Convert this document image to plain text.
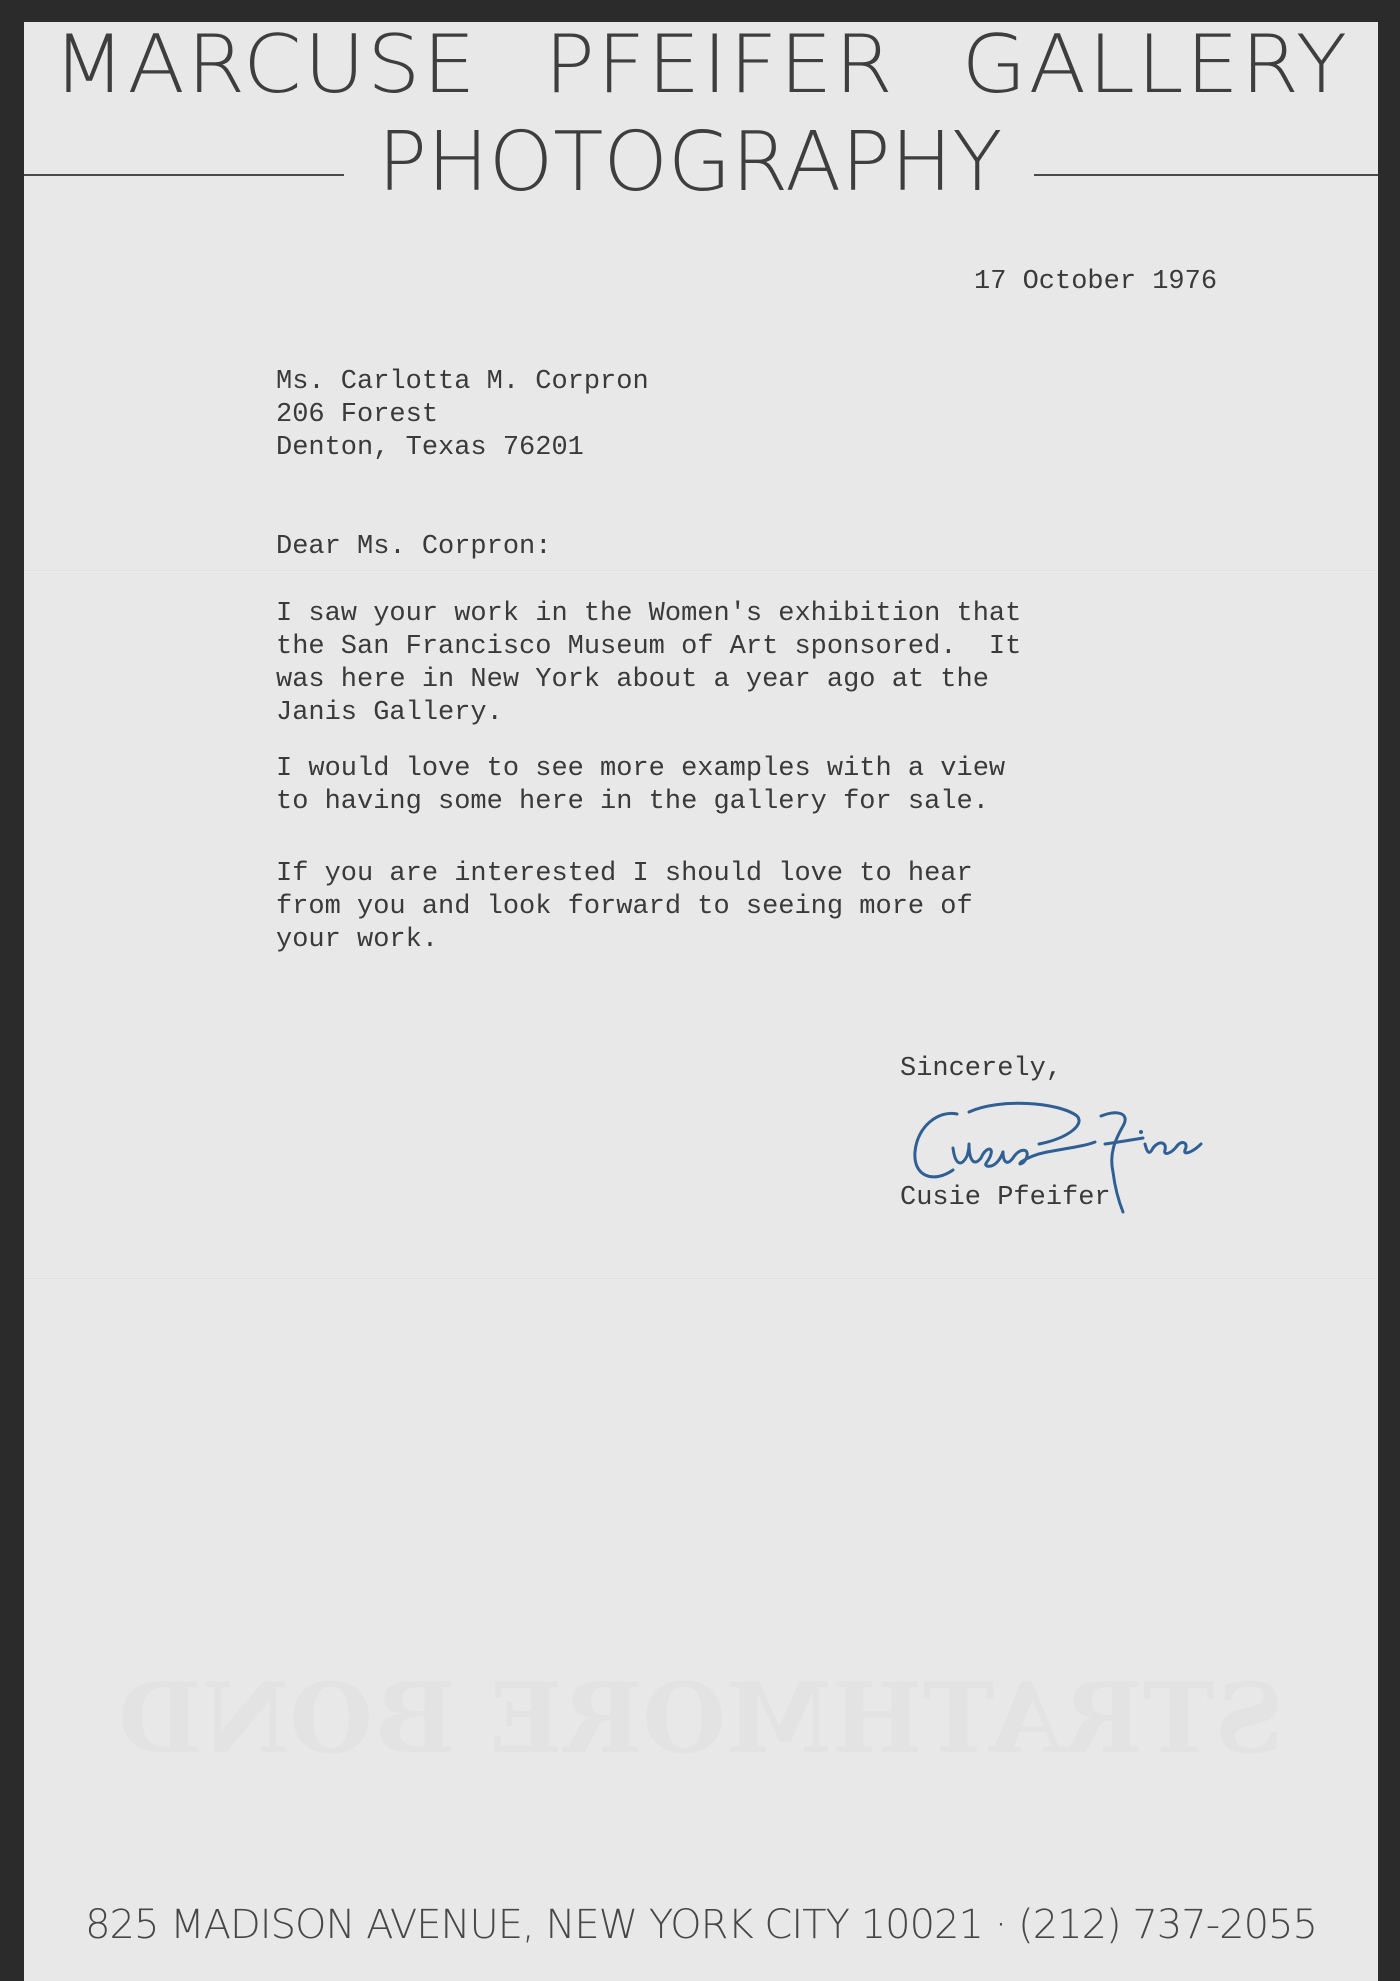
STRATHMORE BOND
MARCUSE PFEIFER GALLERY
PHOTOGRAPHY
17 October 1976
Ms. Carlotta M. Corpron
206 Forest
Denton, Texas 76201
Dear Ms. Corpron:
I saw your work in the Women's exhibition that
the San Francisco Museum of Art sponsored.  It
was here in New York about a year ago at the
Janis Gallery.
I would love to see more examples with a view
to having some here in the gallery for sale.
If you are interested I should love to hear
from you and look forward to seeing more of
your work.
Sincerely,
Cusie Pfeifer
825 MADISON AVENUE, NEW YORK CITY 10021 · (212) 737-2055
